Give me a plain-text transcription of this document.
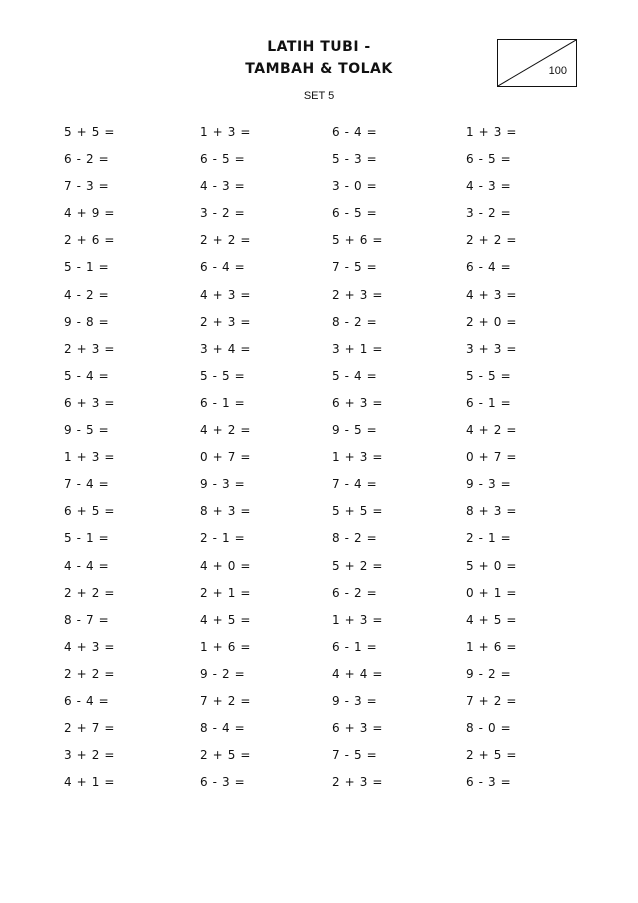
LATIH TUBI -
TAMBAH & TOLAK
SET 5
100
5 + 5 =	1 + 3 =	6 - 4 =	1 + 3 =
6 - 2 =	6 - 5 =	5 - 3 =	6 - 5 =
7 - 3 =	4 - 3 =	3 - 0 =	4 - 3 =
4 + 9 =	3 - 2 =	6 - 5 =	3 - 2 =
2 + 6 =	2 + 2 =	5 + 6 =	2 + 2 =
5 - 1 =	6 - 4 =	7 - 5 =	6 - 4 =
4 - 2 =	4 + 3 =	2 + 3 =	4 + 3 =
9 - 8 =	2 + 3 =	8 - 2 =	2 + 0 =
2 + 3 =	3 + 4 =	3 + 1 =	3 + 3 =
5 - 4 =	5 - 5 =	5 - 4 =	5 - 5 =
6 + 3 =	6 - 1 =	6 + 3 =	6 - 1 =
9 - 5 =	4 + 2 =	9 - 5 =	4 + 2 =
1 + 3 =	0 + 7 =	1 + 3 =	0 + 7 =
7 - 4 =	9 - 3 =	7 - 4 =	9 - 3 =
6 + 5 =	8 + 3 =	5 + 5 =	8 + 3 =
5 - 1 =	2 - 1 =	8 - 2 =	2 - 1 =
4 - 4 =	4 + 0 =	5 + 2 =	5 + 0 =
2 + 2 =	2 + 1 =	6 - 2 =	0 + 1 =
8 - 7 =	4 + 5 =	1 + 3 =	4 + 5 =
4 + 3 =	1 + 6 =	6 - 1 =	1 + 6 =
2 + 2 =	9 - 2 =	4 + 4 =	9 - 2 =
6 - 4 =	7 + 2 =	9 - 3 =	7 + 2 =
2 + 7 =	8 - 4 =	6 + 3 =	8 - 0 =
3 + 2 =	2 + 5 =	7 - 5 =	2 + 5 =
4 + 1 =	6 - 3 =	2 + 3 =	6 - 3 =
